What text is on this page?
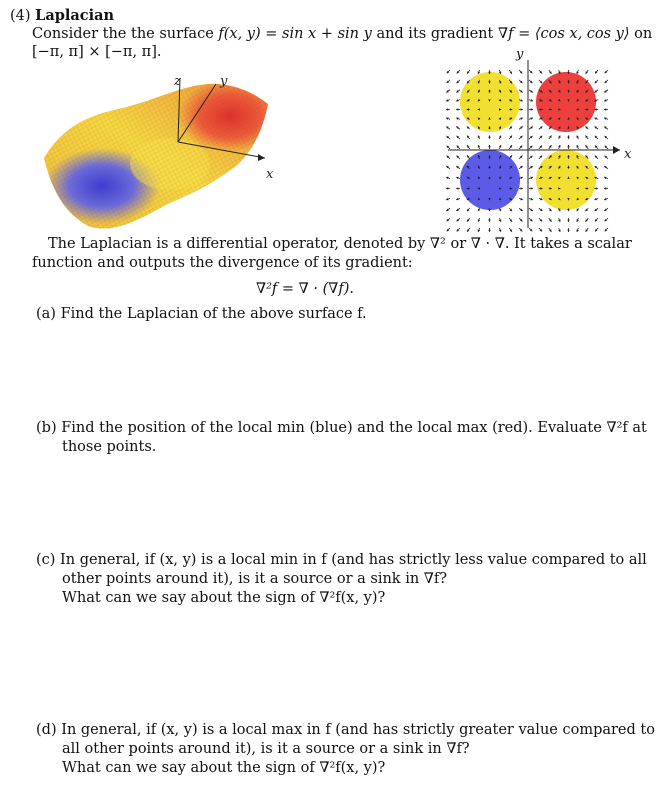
(4) Laplacian
Consider the the surface f(x, y) = sin x + sin y and its gradient ∇f = ⟨cos x, cos y⟩ on
[−π, π] × [−π, π].
z	y
x
x
y
The Laplacian is a differential operator, denoted by ∇² or ∇ · ∇. It takes a scalar
function and outputs the divergence of its gradient:
∇²f = ∇ · (∇f).
(a) Find the Laplacian of the above surface f.
(b) Find the position of the local min (blue) and the local max (red). Evaluate ∇²f at
those points.
(c) In general, if (x, y) is a local min in f (and has strictly less value compared to all
other points around it), is it a source or a sink in ∇f?
What can we say about the sign of ∇²f(x, y)?
(d) In general, if (x, y) is a local max in f (and has strictly greater value compared to
all other points around it), is it a source or a sink in ∇f?
What can we say about the sign of ∇²f(x, y)?
